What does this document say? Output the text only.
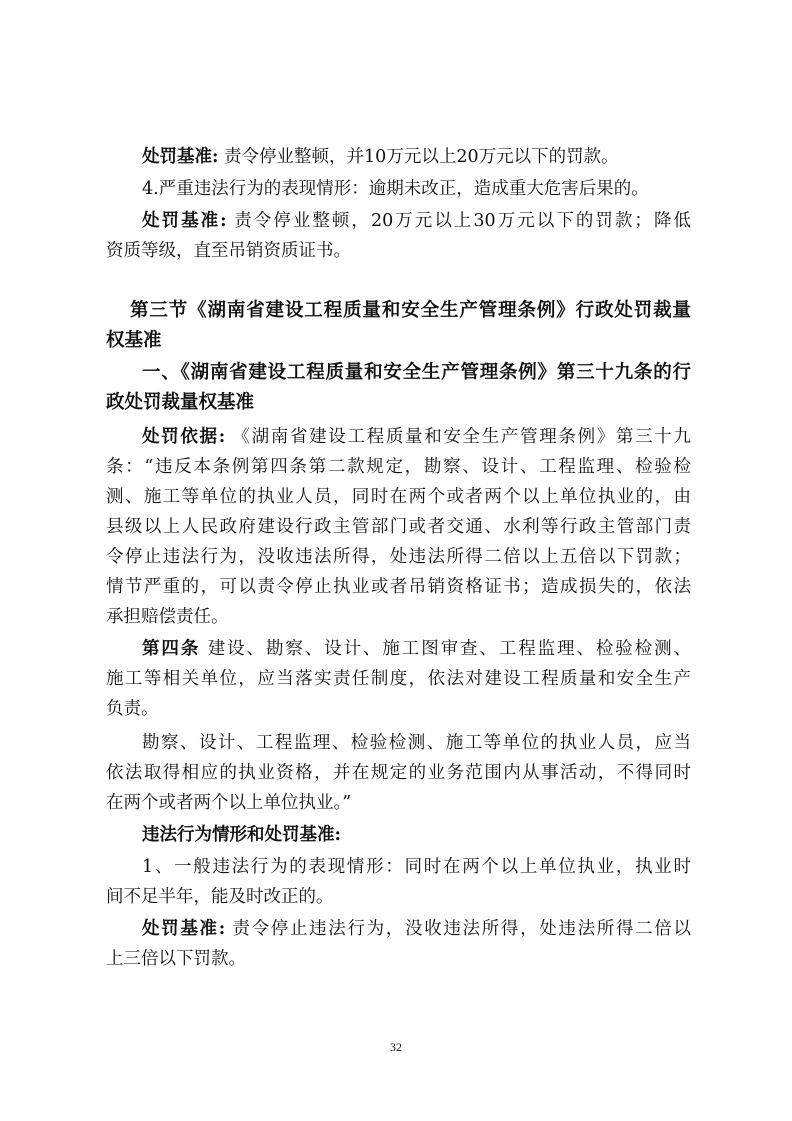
处罚基准: 责令停业整顿，并10万元以上20万元以下的罚款。
4.严重违法行为的表现情形：逾期未改正，造成重大危害后果的。
处罚基准: 责令停业整顿，20万元以上30万元以下的罚款；降低
资质等级，直至吊销资质证书。
第三节《湖南省建设工程质量和安全生产管理条例》行政处罚裁量
权基准
一、《湖南省建设工程质量和安全生产管理条例》第三十九条的行
政处罚裁量权基准
处罚依据: 《湖南省建设工程质量和安全生产管理条例》第三十九
条：“违反本条例第四条第二款规定，勘察、设计、工程监理、检验检
测、施工等单位的执业人员，同时在两个或者两个以上单位执业的，由
县级以上人民政府建设行政主管部门或者交通、水利等行政主管部门责
令停止违法行为，没收违法所得，处违法所得二倍以上五倍以下罚款；
情节严重的，可以责令停止执业或者吊销资格证书；造成损失的，依法
承担赔偿责任。
第四条 建设、勘察、设计、施工图审查、工程监理、检验检测、
施工等相关单位，应当落实责任制度，依法对建设工程质量和安全生产
负责。
勘察、设计、工程监理、检验检测、施工等单位的执业人员，应当
依法取得相应的执业资格，并在规定的业务范围内从事活动，不得同时
在两个或者两个以上单位执业。”
违法行为情形和处罚基准:
1、一般违法行为的表现情形：同时在两个以上单位执业，执业时
间不足半年，能及时改正的。
处罚基准: 责令停止违法行为，没收违法所得，处违法所得二倍以
上三倍以下罚款。
32
